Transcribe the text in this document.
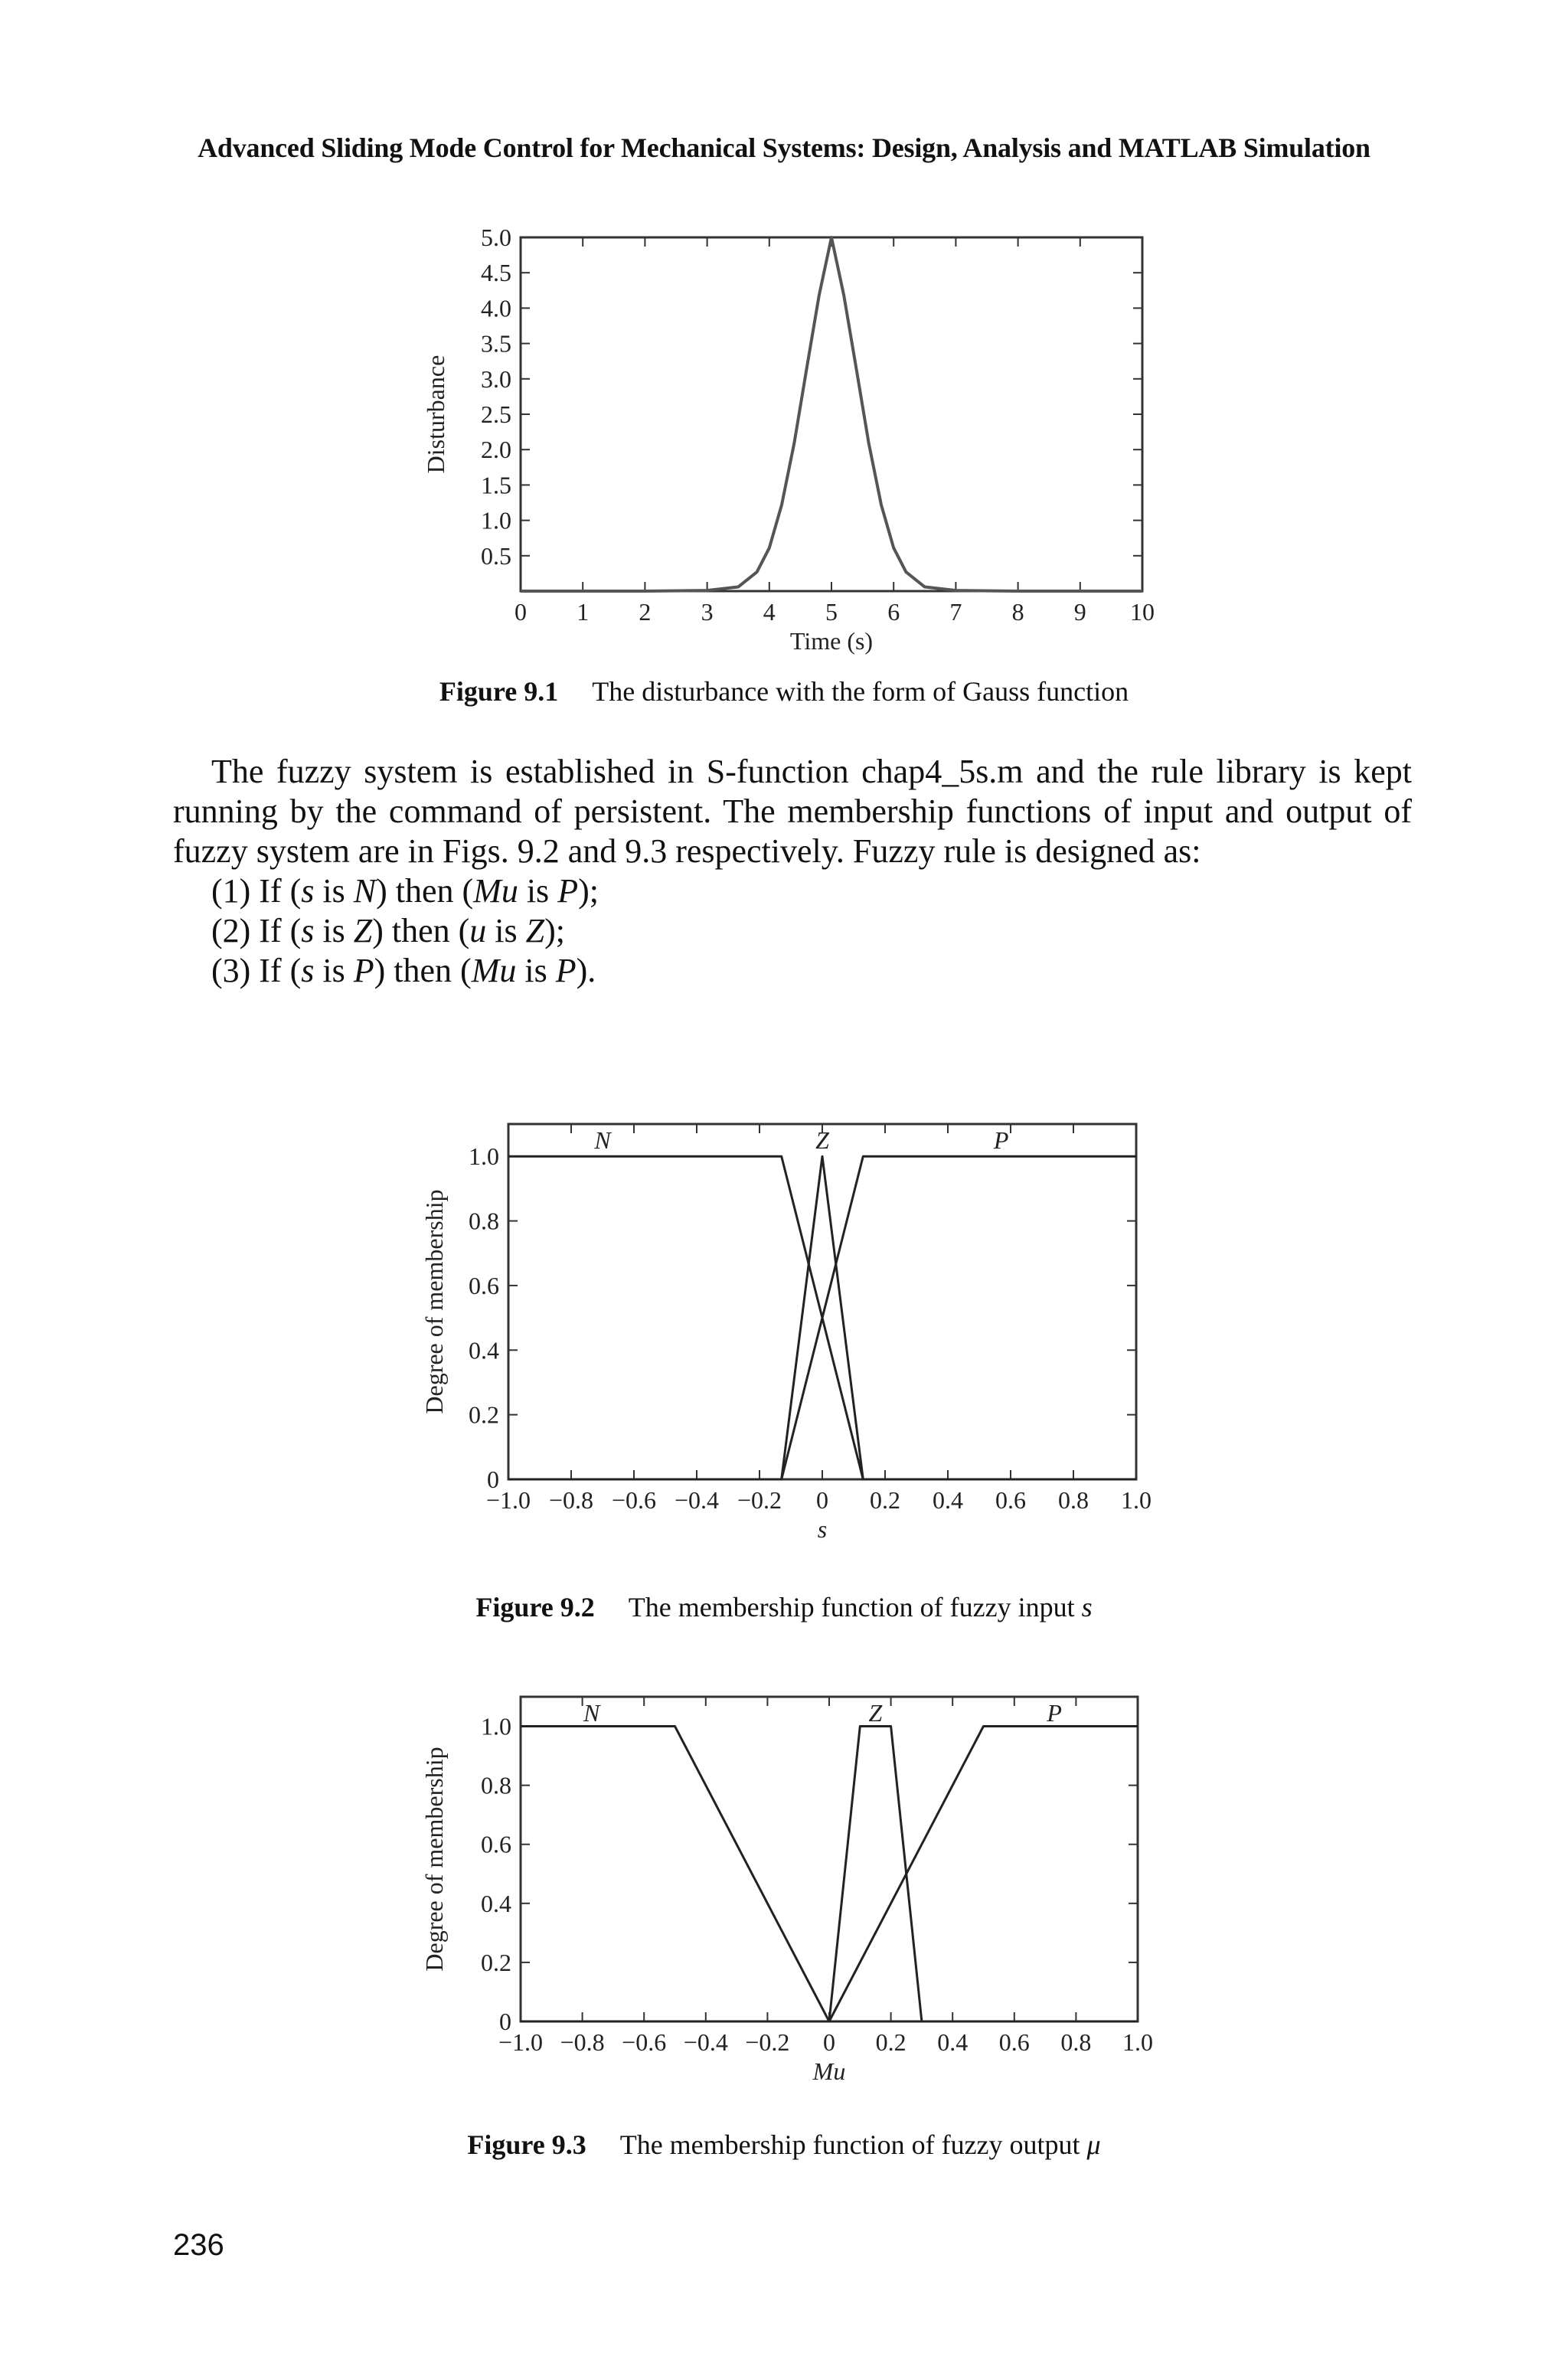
Advanced Sliding Mode Control for Mechanical Systems: Design, Analysis and MATLAB Simulation
0 1 2 3 4 5 6 7 8 9 10
5.0
4.5
4.0
3.5
3.0
2.5
2.0
1.5
1.0
0.5
Time (s)
Disturbance
Figure 9.1 The disturbance with the form of Gauss function

The fuzzy system is established in S-function chap4_5s.m and the rule library is kept running by the command of persistent. The membership functions of input and output of fuzzy system are in Figs. 9.2 and 9.3 respectively. Fuzzy rule is designed as:

(1) If (s is N) then (Mu is P);
(2) If (s is Z) then (u is Z);
(3) If (s is P) then (Mu is P).
−1.0 −0.8 −0.6 −0.4 −0.2 0 0.2 0.4 0.6 0.8 1.0
1.0
0.8
0.6
0.4
0.2
0
s
Degree of membership
N	Z	P
Figure 9.2 The membership function of fuzzy input s
−1.0 −0.8 −0.6 −0.4 −0.2 0 0.2 0.4 0.6 0.8 1.0
1.0
0.8
0.6
0.4
0.2
0
Mu
Degree of membership
N	Z	P
Figure 9.3 The membership function of fuzzy output μ
236
